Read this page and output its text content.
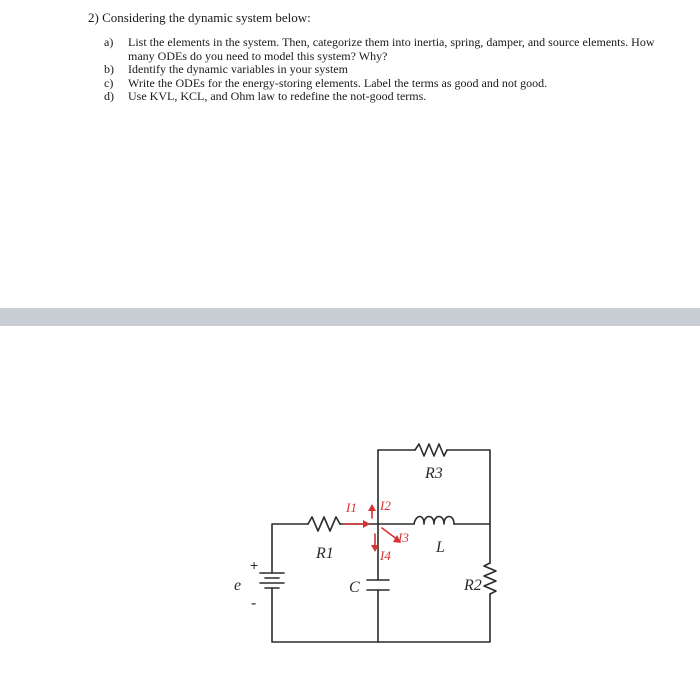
2) Considering the dynamic system below:
a) List the elements in the system. Then, categorize them into inertia, spring, damper, and source elements. How many ODEs do you need to model this system? Why?
b) Identify the dynamic variables in your system
c) Write the ODEs for the energy-storing elements. Label the terms as good and not good.
d) Use KVL, KCL, and Ohm law to redefine the not-good terms.
e
+
-
R1
R3
R2
C
L
I1 I2
I3
I4
